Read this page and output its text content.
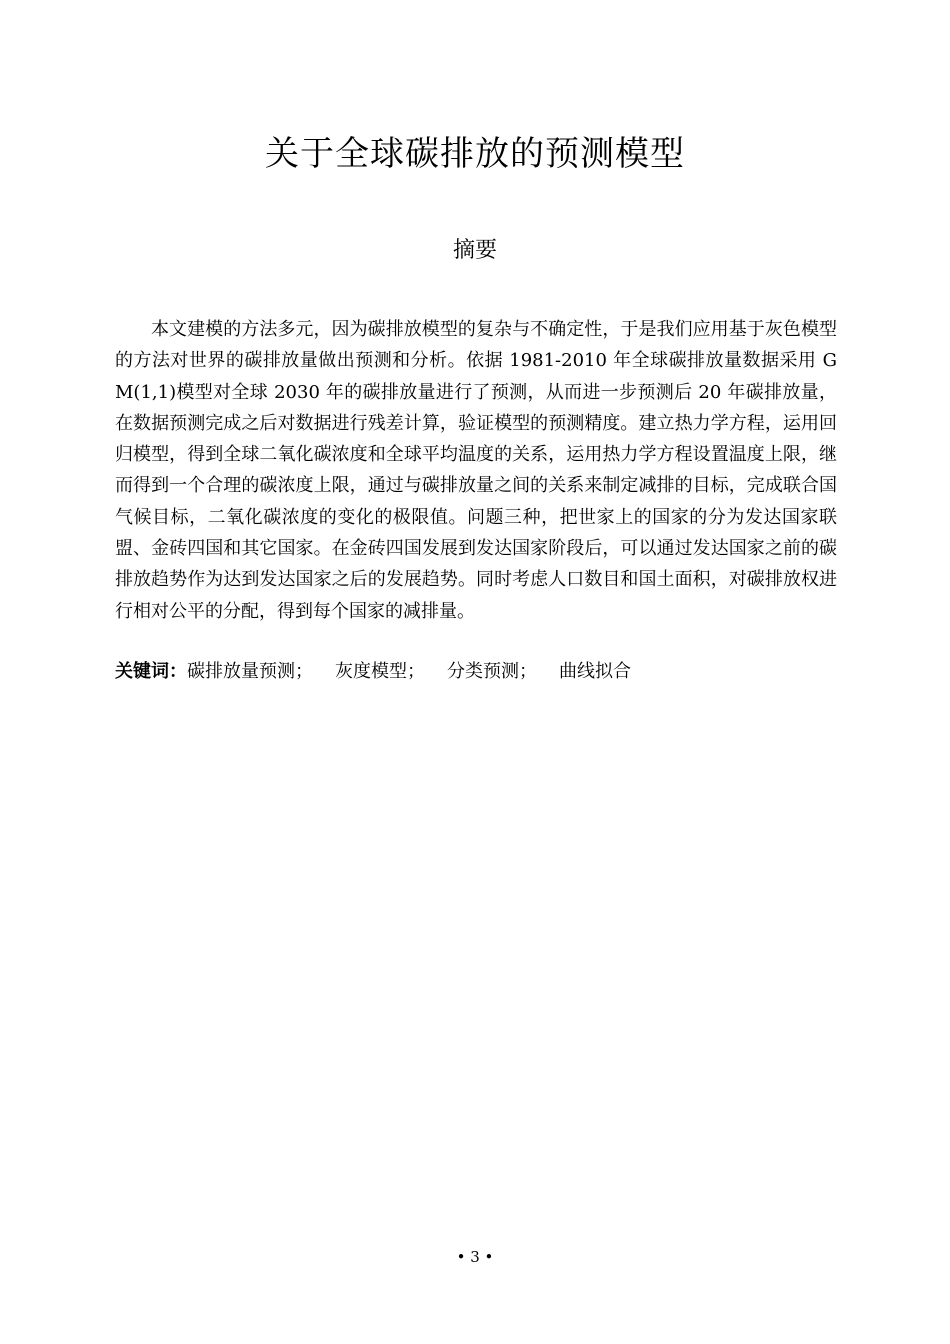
关于全球碳排放的预测模型
摘要

本文建模的方法多元，因为碳排放模型的复杂与不确定性，于是我们应用基于灰色模型的方法对世界的碳排放量做出预测和分析。依据 1981-2010 年全球碳排放量数据采用 GM(1,1)模型对全球 2030 年的碳排放量进行了预测，从而进一步预测后 20 年碳排放量，在数据预测完成之后对数据进行残差计算，验证模型的预测精度。建立热力学方程，运用回归模型，得到全球二氧化碳浓度和全球平均温度的关系，运用热力学方程设置温度上限，继而得到一个合理的碳浓度上限，通过与碳排放量之间的关系来制定减排的目标，完成联合国气候目标，二氧化碳浓度的变化的极限值。问题三种，把世家上的国家的分为发达国家联盟、金砖四国和其它国家。在金砖四国发展到发达国家阶段后，可以通过发达国家之前的碳排放趋势作为达到发达国家之后的发展趋势。同时考虑人口数目和国土面积，对碳排放权进行相对公平的分配，得到每个国家的减排量。

关键词：碳排放量预测； 灰度模型； 分类预测； 曲线拟合
• 3 •
